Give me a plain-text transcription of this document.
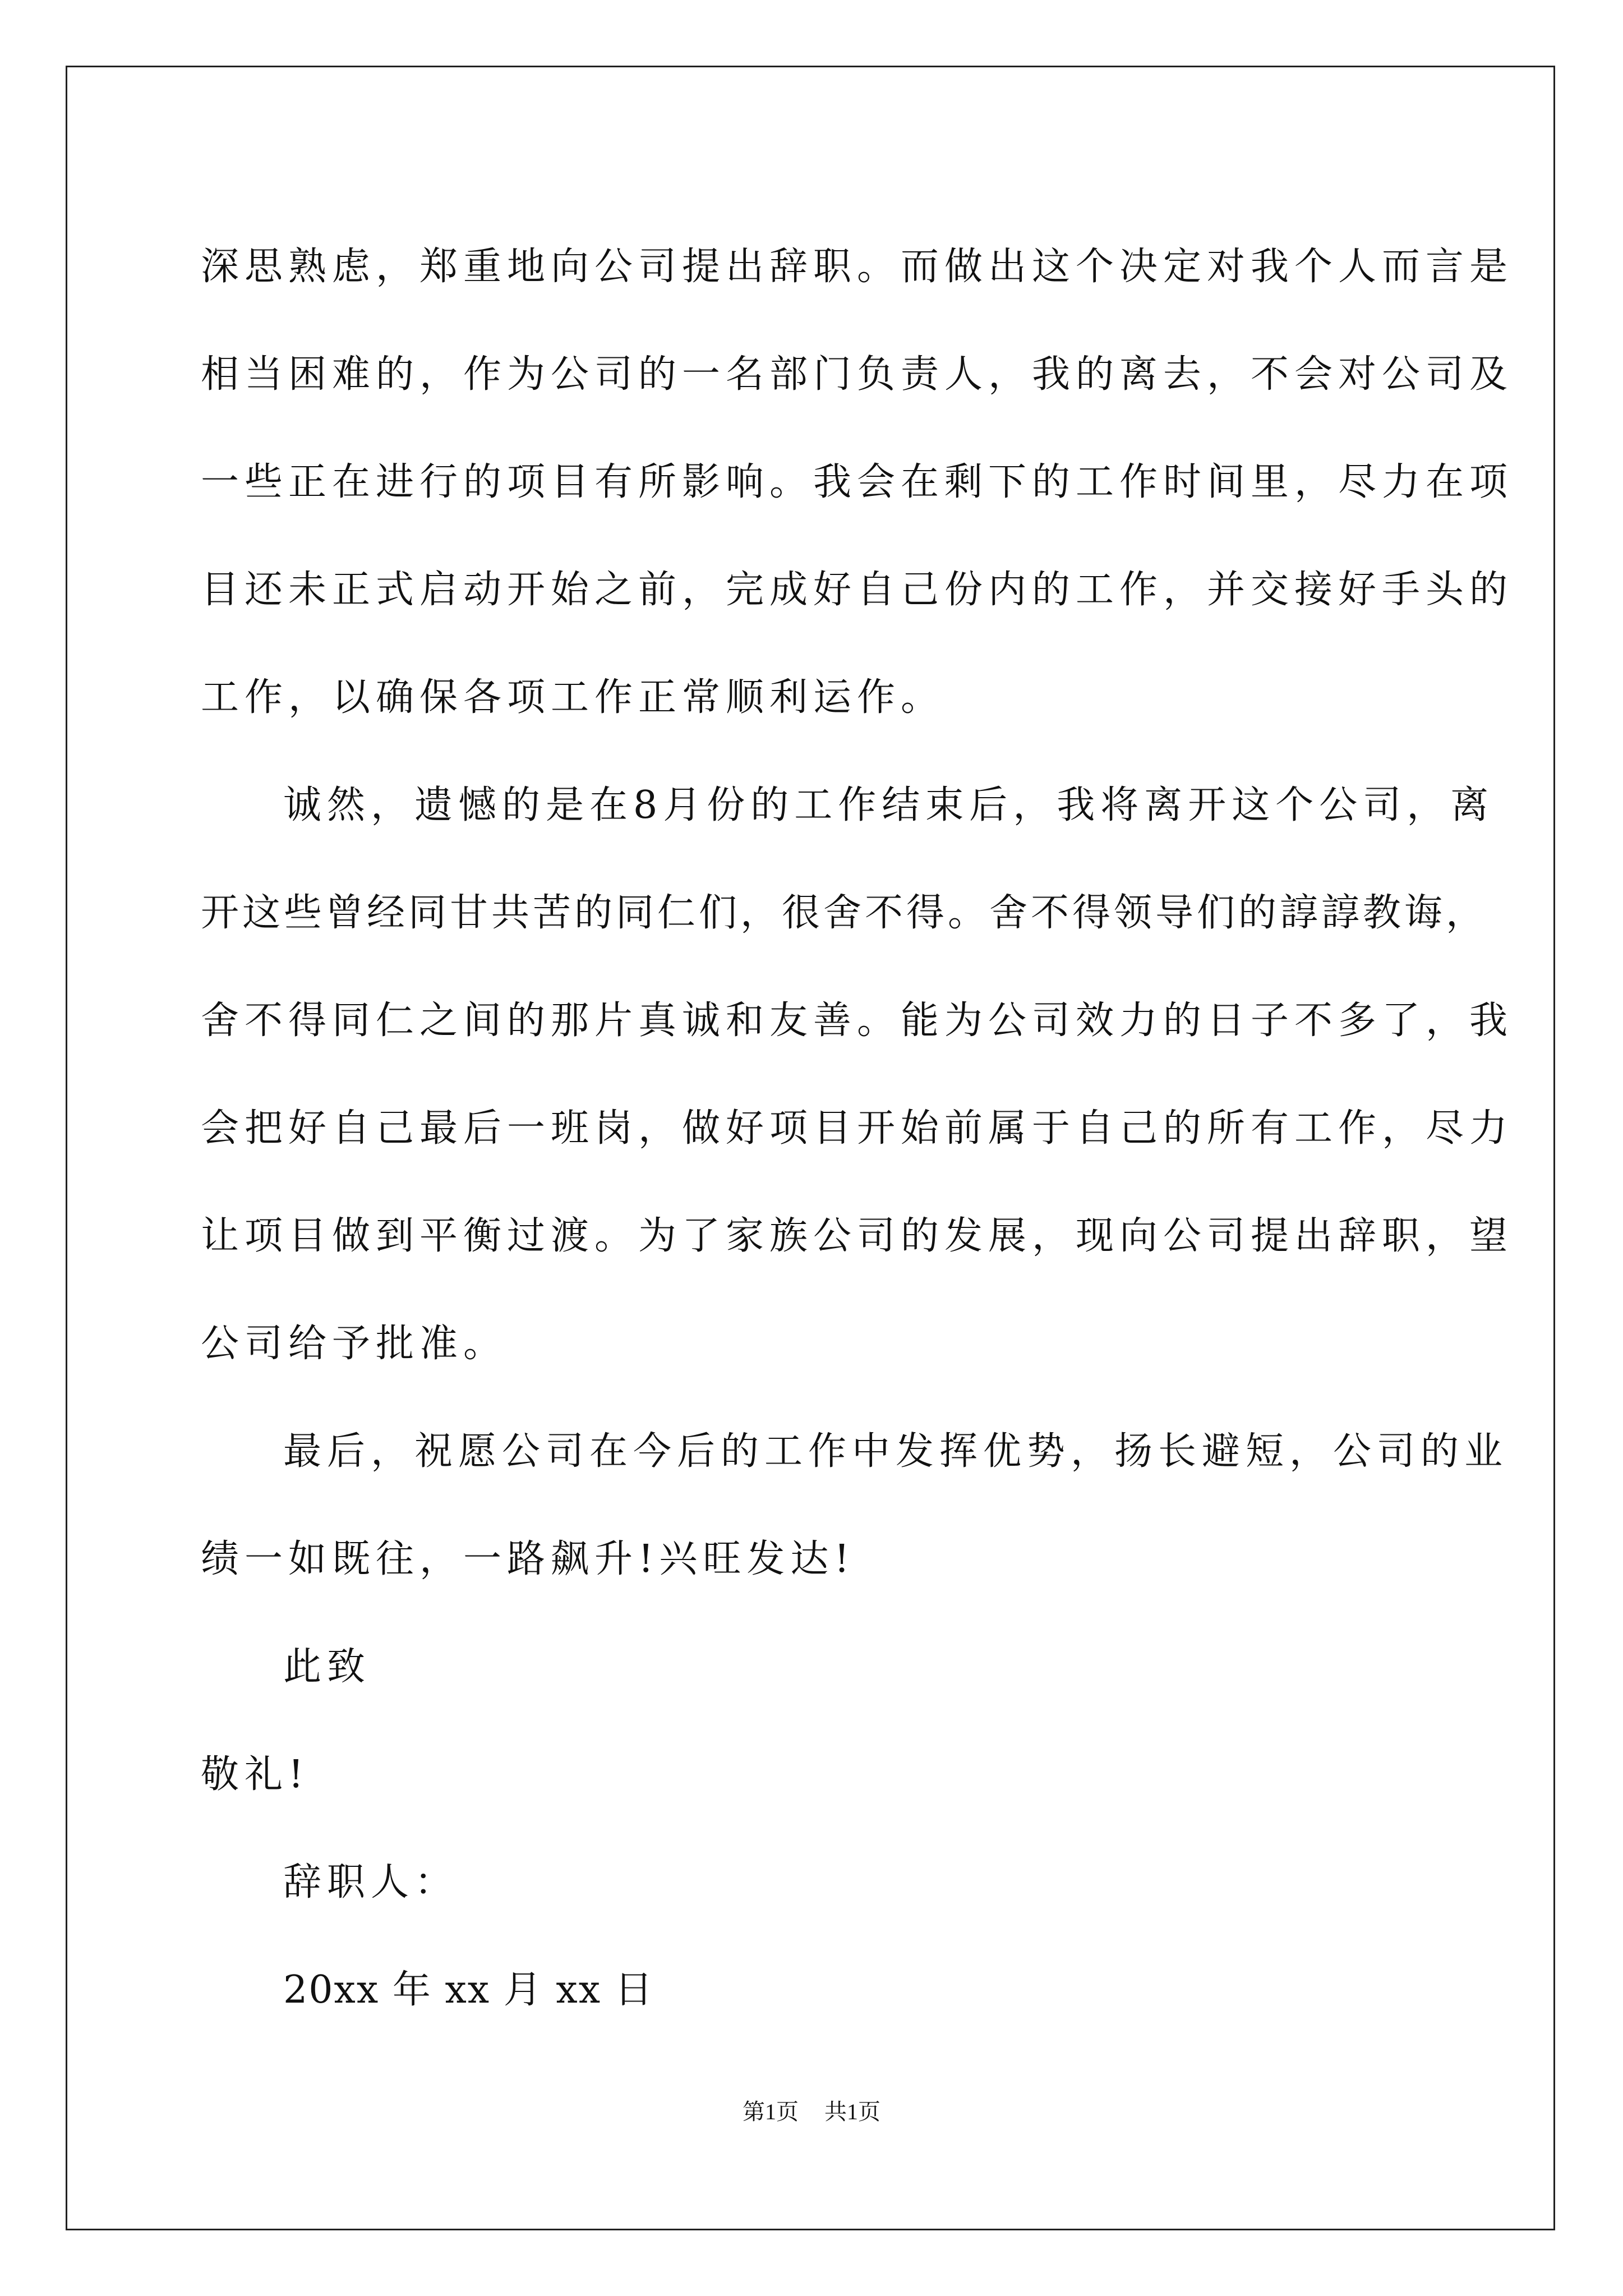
深思熟虑，郑重地向公司提出辞职。而做出这个决定对我个人而言是
相当困难的，作为公司的一名部门负责人，我的离去，不会对公司及
一些正在进行的项目有所影响。我会在剩下的工作时间里，尽力在项
目还未正式启动开始之前，完成好自己份内的工作，并交接好手头的
工作，以确保各项工作正常顺利运作。

诚然，遗憾的是在8月份的工作结束后，我将离开这个公司，离
开这些曾经同甘共苦的同仁们，很舍不得。舍不得领导们的諄諄教诲，
舍不得同仁之间的那片真诚和友善。能为公司效力的日子不多了，我
会把好自己最后一班岗，做好项目开始前属于自己的所有工作，尽力
让项目做到平衡过渡。为了家族公司的发展，现向公司提出辞职，望
公司给予批准。

最后，祝愿公司在今后的工作中发挥优势，扬长避短，公司的业
绩一如既往，一路飙升!兴旺发达!

此致

敬礼!

辞职人：

20xx 年 xx 月 xx 日

第1页 共1页
